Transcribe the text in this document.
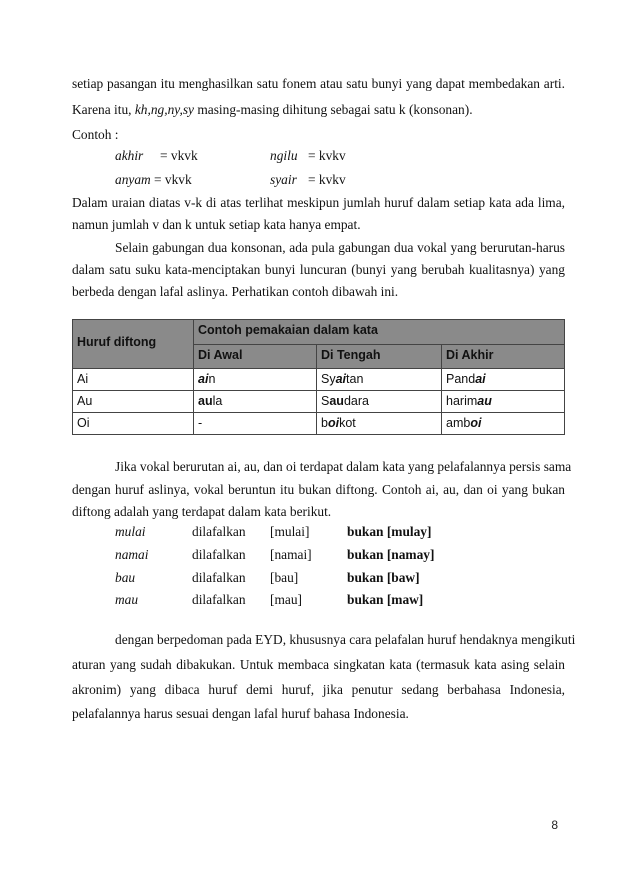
setiap pasangan itu menghasilkan satu fonem atau satu bunyi yang dapat membedakan arti.
Karena itu, kh,ng,ny,sy masing-masing dihitung sebagai satu k (konsonan).
Contoh :
akhir = vkvk	ngilu = kvkv
anyam = vkvk	syair = kvkv
Dalam uraian diatas v-k di atas terlihat meskipun jumlah huruf dalam setiap kata ada lima,
namun jumlah v dan k untuk setiap kata hanya empat.
Selain gabungan dua konsonan, ada pula gabungan dua vokal yang berurutan-harus
dalam satu suku kata-menciptakan bunyi luncuran (bunyi yang berubah kualitasnya) yang
berbeda dengan lafal aslinya. Perhatikan contoh dibawah ini.
Huruf diftong
Contoh pemakaian dalam kata
Di Awal	Di Tengah	Di Akhir
Ai	ain	Syaitan	Pandai
Au	aula	Saudara	harimau
Oi	-	boikot	amboi
Jika vokal berurutan ai, au, dan oi terdapat dalam kata yang pelafalannya persis sama
dengan huruf aslinya, vokal beruntun itu bukan diftong. Contoh ai, au, dan oi yang bukan
diftong adalah yang terdapat dalam kata berikut.
mulai	dilafalkan [mulai]	bukan [mulay]
namai	dilafalkan [namai]	bukan [namay]
bau	dilafalkan [bau]	bukan [baw]
mau	dilafalkan [mau]	bukan [maw]
dengan berpedoman pada EYD, khususnya cara pelafalan huruf hendaknya mengikuti
aturan yang sudah dibakukan. Untuk membaca singkatan kata (termasuk kata asing selain
akronim) yang dibaca huruf demi huruf, jika penutur sedang berbahasa Indonesia,
pelafalannya harus sesuai dengan lafal huruf bahasa Indonesia.
8
